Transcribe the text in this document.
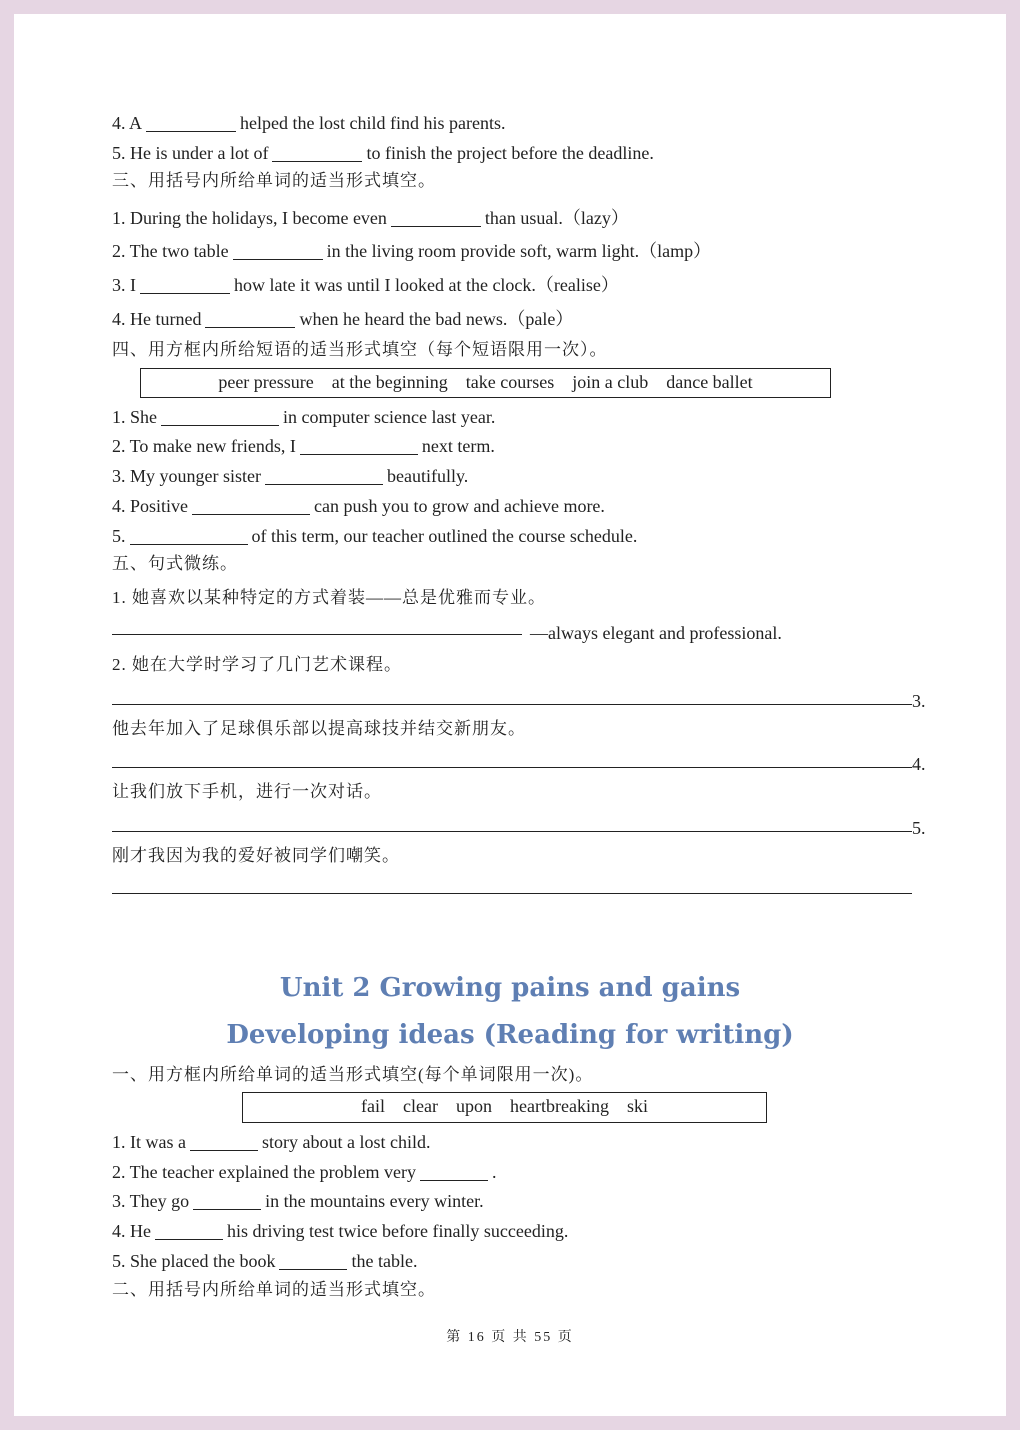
4. A	helped the lost child find his parents.
5. He is under a lot of	to finish the project before the deadline.
三、用括号内所给单词的适当形式填空。
1. During the holidays, I become even	than usual.（lazy）
2. The two table	in the living room provide soft, warm light.（lamp）
3. I	how late it was until I looked at the clock.（realise）
4. He turned	when he heard the bad news.（pale）
四、用方框内所给短语的适当形式填空（每个短语限用一次）。
peer pressure at the beginning take courses join a club dance ballet
1. She	in computer science last year.
2. To make new friends, I	next term.
3. My younger sister	beautifully.
4. Positive	can push you to grow and achieve more.
5.	of this term, our teacher outlined the course schedule.
五、句式微练。
1. 她喜欢以某种特定的方式着装——总是优雅而专业。
—always elegant and professional.
2. 她在大学时学习了几门艺术课程。
3.
他去年加入了足球俱乐部以提高球技并结交新朋友。
4.
让我们放下手机，进行一次对话。
5.
刚才我因为我的爱好被同学们嘲笑。
Unit 2 Growing pains and gains
Developing ideas (Reading for writing)
一、用方框内所给单词的适当形式填空(每个单词限用一次)。
fail clear upon heartbreaking ski
1. It was a	story about a lost child.
2. The teacher explained the problem very	.
3. They go	in the mountains every winter.
4. He	his driving test twice before finally succeeding.
5. She placed the book	the table.
二、用括号内所给单词的适当形式填空。
第 16 页 共 55 页
